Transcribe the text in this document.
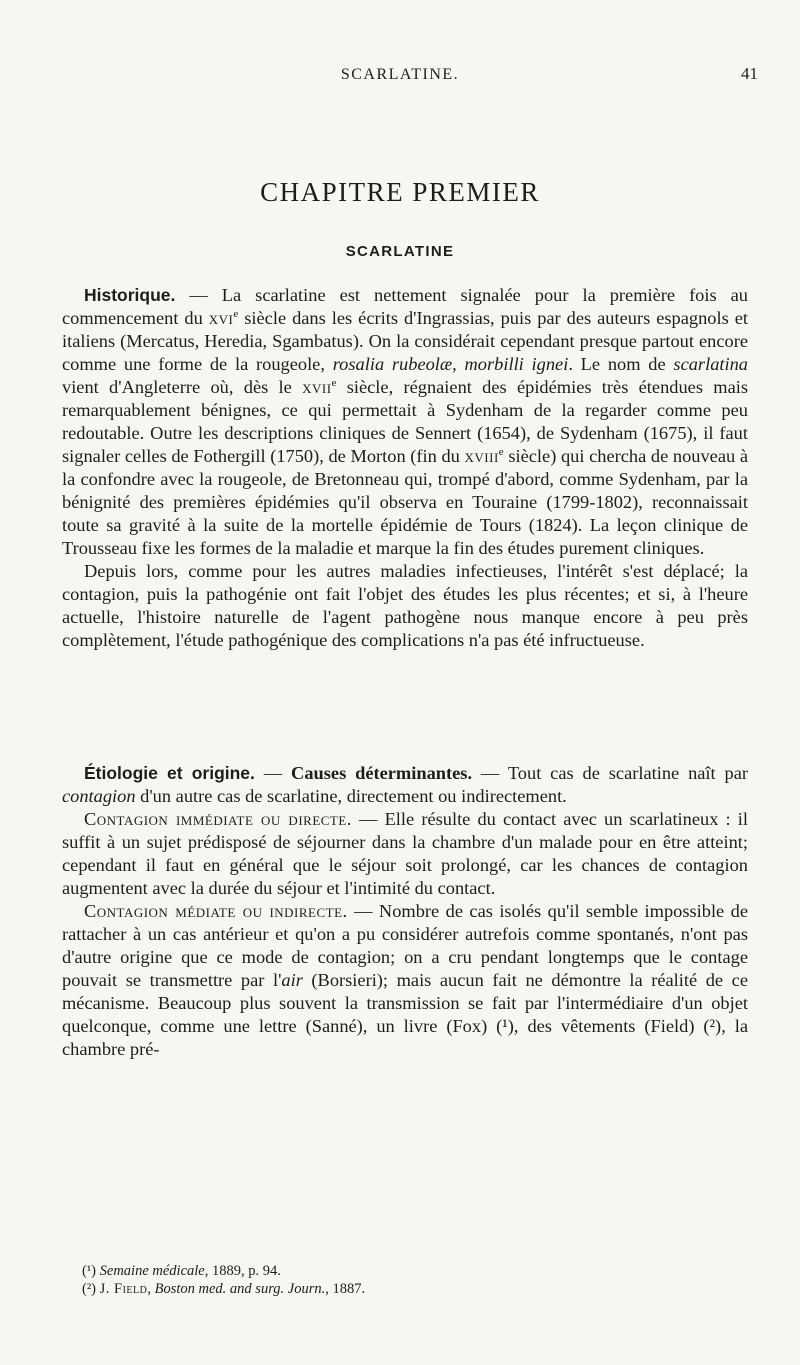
SCARLATINE.	41
CHAPITRE PREMIER
SCARLATINE

Historique. — La scarlatine est nettement signalée pour la première fois au commencement du xvi$^e$ siècle dans les écrits d'Ingrassias, puis par des auteurs espagnols et italiens (Mercatus, Heredia, Sgambatus). On la considérait cependant presque partout encore comme une forme de la rougeole, rosalia rubeolæ, morbilli ignei. Le nom de scarlatina vient d'Angleterre où, dès le xvii$^e$ siècle, régnaient des épidémies très étendues mais remarquablement bénignes, ce qui permettait à Sydenham de la regarder comme peu redoutable. Outre les descriptions cliniques de Sennert (1654), de Sydenham (1675), il faut signaler celles de Fothergill (1750), de Morton (fin du xviii$^e$ siècle) qui chercha de nouveau à la confondre avec la rougeole, de Bretonneau qui, trompé d'abord, comme Sydenham, par la bénignité des premières épidémies qu'il observa en Touraine (1799-1802), reconnaissait toute sa gravité à la suite de la mortelle épidémie de Tours (1824). La leçon clinique de Trousseau fixe les formes de la maladie et marque la fin des études purement cliniques.

Depuis lors, comme pour les autres maladies infectieuses, l'intérêt s'est déplacé; la contagion, puis la pathogénie ont fait l'objet des études les plus récentes; et si, à l'heure actuelle, l'histoire naturelle de l'agent pathogène nous manque encore à peu près complètement, l'étude pathogénique des complications n'a pas été infructueuse.

Étiologie et origine. — Causes déterminantes. — Tout cas de scarlatine naît par contagion d'un autre cas de scarlatine, directement ou indirectement.

Contagion immédiate ou directe. — Elle résulte du contact avec un scarlatineux : il suffit à un sujet prédisposé de séjourner dans la chambre d'un malade pour en être atteint; cependant il faut en général que le séjour soit prolongé, car les chances de contagion augmentent avec la durée du séjour et l'intimité du contact.

Contagion médiate ou indirecte. — Nombre de cas isolés qu'il semble impossible de rattacher à un cas antérieur et qu'on a pu considérer autrefois comme spontanés, n'ont pas d'autre origine que ce mode de contagion; on a cru pendant longtemps que le contage pouvait se transmettre par l'air (Borsieri); mais aucun fait ne démontre la réalité de ce mécanisme. Beaucoup plus souvent la transmission se fait par l'intermédiaire d'un objet quelconque, comme une lettre (Sanné), un livre (Fox) (¹), des vêtements (Field) (²), la chambre pré-

(¹) Semaine médicale, 1889, p. 94.
(²) J. Field, Boston med. and surg. Journ., 1887.
